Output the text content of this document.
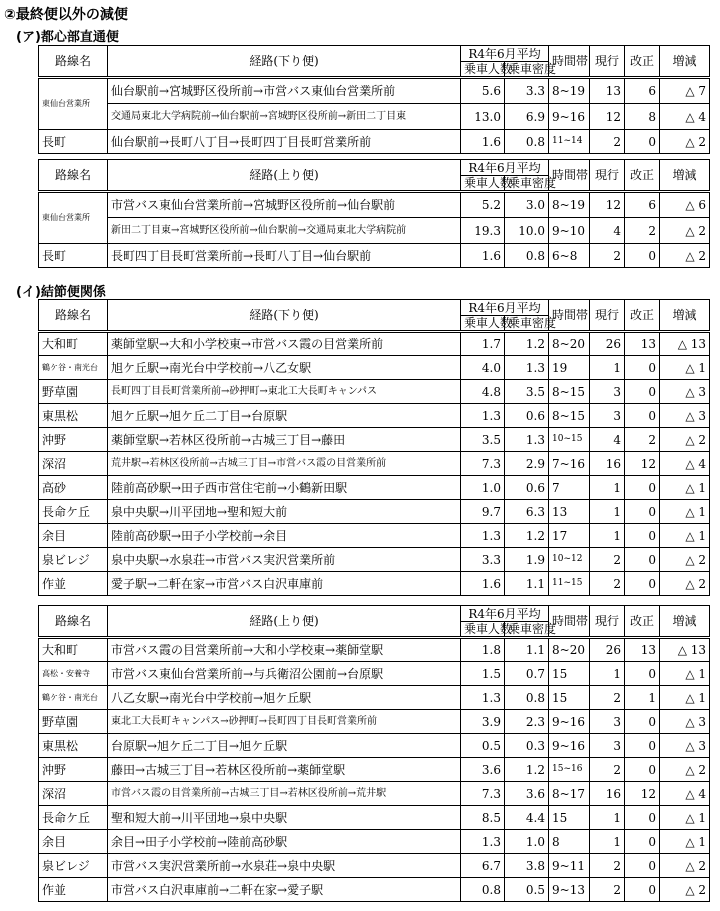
②最終便以外の減便
(ア)都心部直通便
(イ)結節便関係
路線名	経路(下り便)	R4年6月平均		時間帯	現行	改正	増減
		乗車人数	乗車密度				
東仙台営業所	仙台駅前→宮城野区役所前→市営バス東仙台営業所前	5.6	3.3	8~19	13	6	△ 7
	交通局東北大学病院前→仙台駅前→宮城野区役所前→新田二丁目東	13.0	6.9	9~16	12	8	△ 4
長町	仙台駅前→長町八丁目→長町四丁目長町営業所前	1.6	0.8	11~14	2	0	△ 2
路線名	経路(上り便)	R4年6月平均		時間帯	現行	改正	増減
		乗車人数	乗車密度				
東仙台営業所	市営バス東仙台営業所前→宮城野区役所前→仙台駅前	5.2	3.0	8~19	12	6	△ 6
	新田二丁目東→宮城野区役所前→仙台駅前→交通局東北大学病院前	19.3	10.0	9~10	4	2	△ 2
長町	長町四丁目長町営業所前→長町八丁目→仙台駅前	1.6	0.8	6~8	2	0	△ 2
路線名	経路(下り便)	R4年6月平均		時間帯	現行	改正	増減
		乗車人数	乗車密度				
大和町	薬師堂駅→大和小学校東→市営バス霞の目営業所前	1.7	1.2	8~20	26	13	△ 13
鶴ケ谷・南光台	旭ケ丘駅→南光台中学校前→八乙女駅	4.0	1.3	19	1	0	△ 1
野草園	長町四丁目長町営業所前→砂押町→東北工大長町キャンパス	4.8	3.5	8~15	3	0	△ 3
東黒松	旭ケ丘駅→旭ケ丘二丁目→台原駅	1.3	0.6	8~15	3	0	△ 3
沖野	薬師堂駅→若林区役所前→古城三丁目→藤田	3.5	1.3	10~15	4	2	△ 2
深沼	荒井駅→若林区役所前→古城三丁目→市営バス霞の目営業所前	7.3	2.9	7~16	16	12	△ 4
高砂	陸前高砂駅→田子西市営住宅前→小鶴新田駅	1.0	0.6	7	1	0	△ 1
長命ケ丘	泉中央駅→川平団地→聖和短大前	9.7	6.3	13	1	0	△ 1
余目	陸前高砂駅→田子小学校前→余目	1.3	1.2	17	1	0	△ 1
泉ビレジ	泉中央駅→水泉荘→市営バス実沢営業所前	3.3	1.9	10~12	2	0	△ 2
作並	愛子駅→二軒在家→市営バス白沢車庫前	1.6	1.1	11~15	2	0	△ 2
路線名	経路(上り便)	R4年6月平均		時間帯	現行	改正	増減
		乗車人数	乗車密度				
大和町	市営バス霞の目営業所前→大和小学校東→薬師堂駅	1.8	1.1	8~20	26	13	△ 13
高松・安養寺	市営バス東仙台営業所前→与兵衛沼公園前→台原駅	1.5	0.7	15	1	0	△ 1
鶴ケ谷・南光台	八乙女駅→南光台中学校前→旭ケ丘駅	1.3	0.8	15	2	1	△ 1
野草園	東北工大長町キャンパス→砂押町→長町四丁目長町営業所前	3.9	2.3	9~16	3	0	△ 3
東黒松	台原駅→旭ケ丘二丁目→旭ケ丘駅	0.5	0.3	9~16	3	0	△ 3
沖野	藤田→古城三丁目→若林区役所前→薬師堂駅	3.6	1.2	15~16	2	0	△ 2
深沼	市営バス霞の目営業所前→古城三丁目→若林区役所前→荒井駅	7.3	3.6	8~17	16	12	△ 4
長命ケ丘	聖和短大前→川平団地→泉中央駅	8.5	4.4	15	1	0	△ 1
余目	余目→田子小学校前→陸前高砂駅	1.3	1.0	8	1	0	△ 1
泉ビレジ	市営バス実沢営業所前→水泉荘→泉中央駅	6.7	3.8	9~11	2	0	△ 2
作並	市営バス白沢車庫前→二軒在家→愛子駅	0.8	0.5	9~13	2	0	△ 2
